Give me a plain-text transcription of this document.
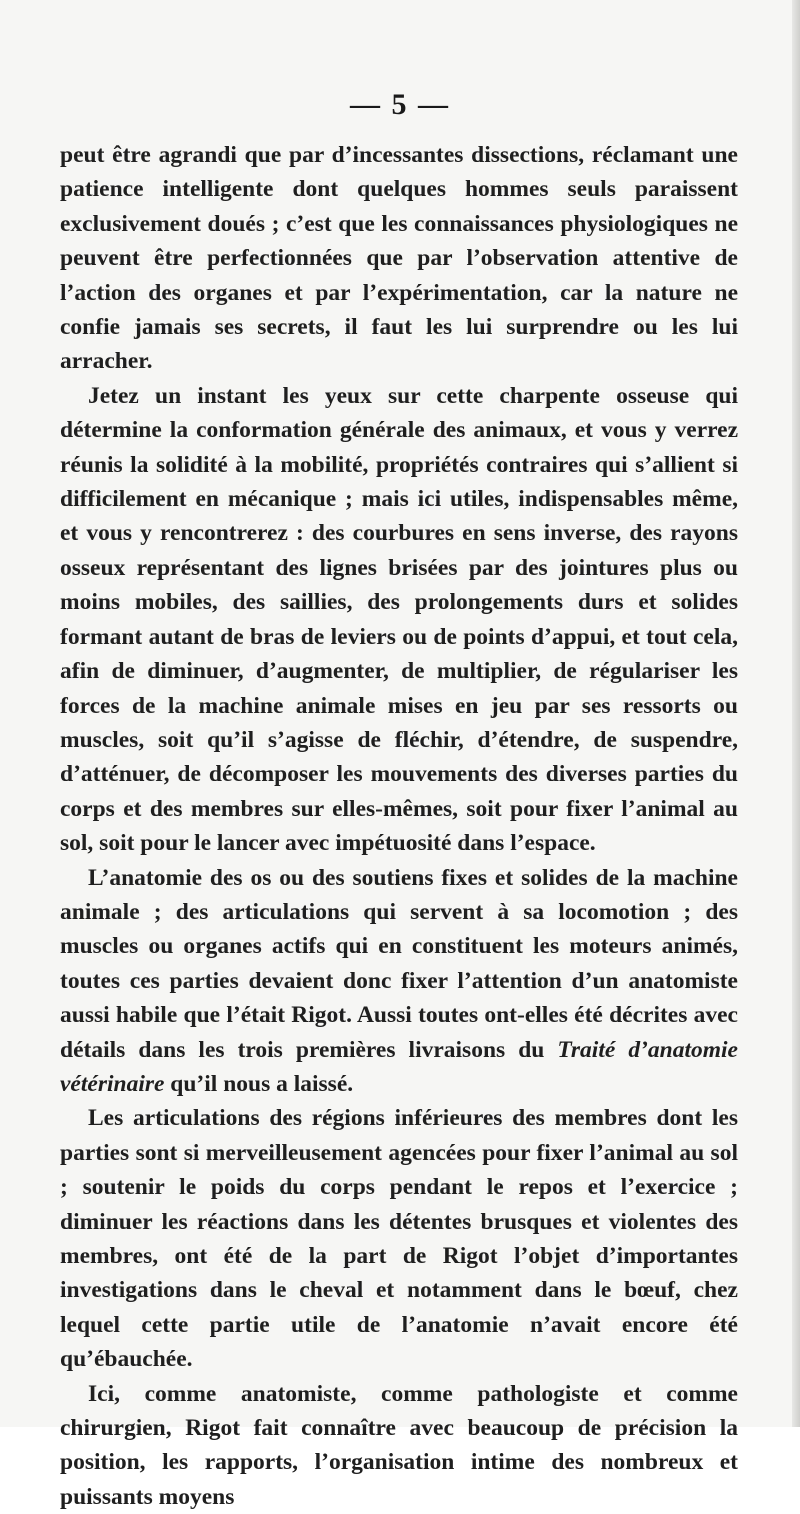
— 5 —

peut être agrandi que par d’incessantes dissections, réclamant une patience intelligente dont quelques hommes seuls paraissent exclusivement doués ; c’est que les connaissances physiologiques ne peuvent être perfectionnées que par l’observation attentive de l’action des organes et par l’expérimentation, car la nature ne confie jamais ses secrets, il faut les lui surprendre ou les lui arracher.

Jetez un instant les yeux sur cette charpente osseuse qui détermine la conformation générale des animaux, et vous y verrez réunis la solidité à la mobilité, propriétés contraires qui s’allient si difficilement en mécanique ; mais ici utiles, indispensables même, et vous y rencontrerez : des courbures en sens inverse, des rayons osseux représentant des lignes brisées par des jointures plus ou moins mobiles, des saillies, des prolongements durs et solides formant autant de bras de leviers ou de points d’appui, et tout cela, afin de diminuer, d’augmenter, de multiplier, de régulariser les forces de la machine animale mises en jeu par ses ressorts ou muscles, soit qu’il s’agisse de fléchir, d’étendre, de suspendre, d’atténuer, de décomposer les mouvements des diverses parties du corps et des membres sur elles-mêmes, soit pour fixer l’animal au sol, soit pour le lancer avec impétuosité dans l’espace.

L’anatomie des os ou des soutiens fixes et solides de la machine animale ; des articulations qui servent à sa locomotion ; des muscles ou organes actifs qui en constituent les moteurs animés, toutes ces parties devaient donc fixer l’attention d’un anatomiste aussi habile que l’était Rigot. Aussi toutes ont-elles été décrites avec détails dans les trois premières livraisons du Traité d’anatomie vétérinaire qu’il nous a laissé.

Les articulations des régions inférieures des membres dont les parties sont si merveilleusement agencées pour fixer l’animal au sol ; soutenir le poids du corps pendant le repos et l’exercice ; diminuer les réactions dans les détentes brusques et violentes des membres, ont été de la part de Rigot l’objet d’importantes investigations dans le cheval et notamment dans le bœuf, chez lequel cette partie utile de l’anatomie n’avait encore été qu’ébauchée.

Ici, comme anatomiste, comme pathologiste et comme chirurgien, Rigot fait connaître avec beaucoup de précision la position, les rapports, l’organisation intime des nombreux et puissants moyens
